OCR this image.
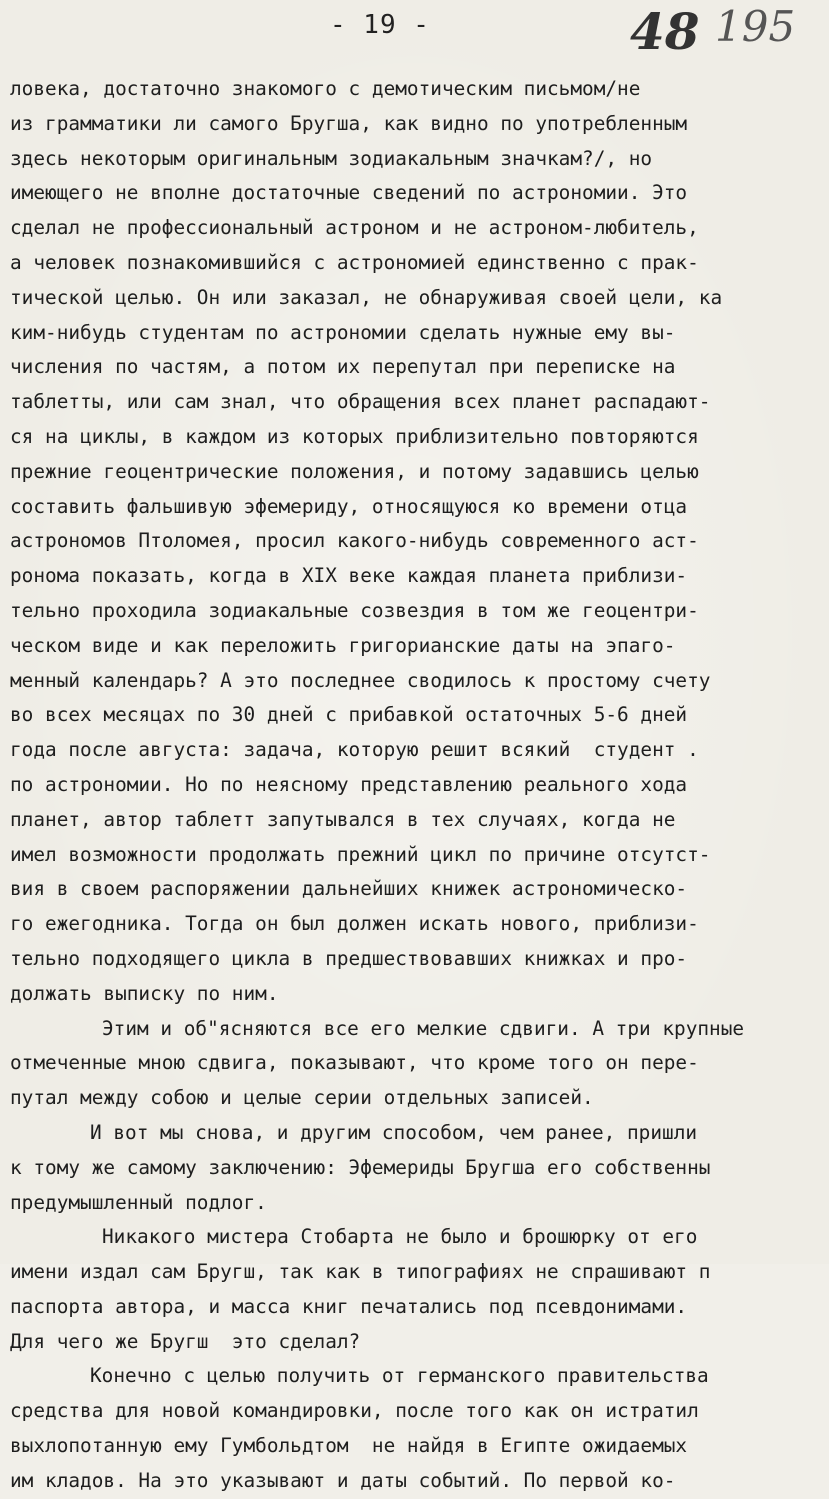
- 19 -	48 195
ловека, достаточно знакомого с демотическим письмом/не
из грамматики ли самого Бругша, как видно по употребленным
здесь некоторым оригинальным зодиакальным значкам?/, но
имеющего не вполне достаточные сведений по астрономии. Это
сделал не профессиональный астроном и не астроном-любитель,
а человек познакомившийся с астрономией единственно с прак-
тической целью. Он или заказал, не обнаруживая своей цели, ка
ким-нибудь студентам по астрономии сделать нужные ему вы-
числения по частям, а потом их перепутал при переписке на
таблетты, или сам знал, что обращения всех планет распадают-
ся на циклы, в каждом из которых приблизительно повторяются
прежние геоцентрические положения, и потому задавшись целью
составить фальшивую эфемериду, относящуюся ко времени отца
астрономов Птоломея, просил какого-нибудь современного аст-
ронома показать, когда в XIX веке каждая планета приблизи-
тельно проходила зодиакальные созвездия в том же геоцентри-
ческом виде и как переложить григорианские даты на эпаго-
менный календарь? А это последнее сводилось к простому счету
во всех месяцах по 30 дней с прибавкой остаточных 5-6 дней
года после августа: задача, которую решит всякий  студент .
по астрономии. Но по неясному представлению реального хода
планет, автор таблетт запутывался в тех случаях, когда не
имел возможности продолжать прежний цикл по причине отсутст-
вия в своем распоряжении дальнейших книжек астрономическо-
го ежегодника. Тогда он был должен искать нового, приблизи-
тельно подходящего цикла в предшествовавших книжках и про-
должать выписку по ним.
Этим и об"ясняются все его мелкие сдвиги. А три крупные
отмеченные мною сдвига, показывают, что кроме того он пере-
путал между собою и целые серии отдельных записей.
И вот мы снова, и другим способом, чем ранее, пришли
к тому же самому заключению: Эфемериды Бругша его собственны
предумышленный подлог.
Никакого мистера Стобарта не было и брошюрку от его
имени издал сам Бругш, так как в типографиях не спрашивают п
паспорта автора, и масса книг печатались под псевдонимами.
Для чего же Бругш  это сделал?
Конечно с целью получить от германского правительства
средства для новой командировки, после того как он истратил
выхлопотанную ему Гумбольдтом  не найдя в Египте ожидаемых
им кладов. На это указывают и даты событий. По первой ко-
